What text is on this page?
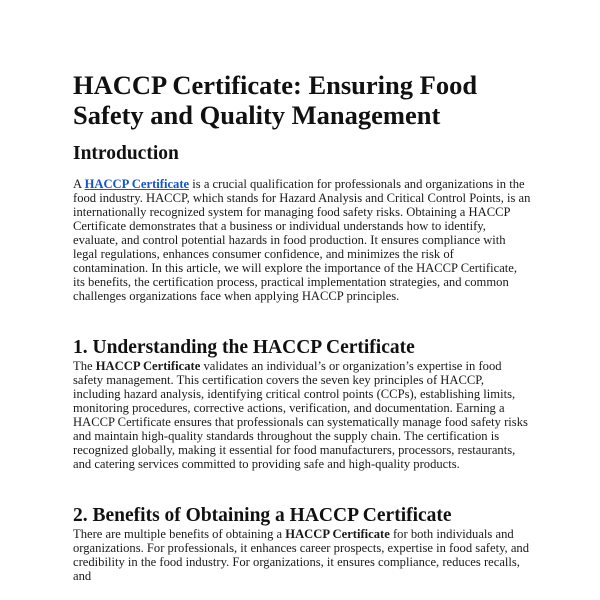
HACCP Certificate: Ensuring Food Safety and Quality Management
Introduction

A HACCP Certificate is a crucial qualification for professionals and organizations in the food industry. HACCP, which stands for Hazard Analysis and Critical Control Points, is an internationally recognized system for managing food safety risks. Obtaining a HACCP Certificate demonstrates that a business or individual understands how to identify, evaluate, and control potential hazards in food production. It ensures compliance with legal regulations, enhances consumer confidence, and minimizes the risk of contamination. In this article, we will explore the importance of the HACCP Certificate, its benefits, the certification process, practical implementation strategies, and common challenges organizations face when applying HACCP principles.

1. Understanding the HACCP Certificate

The HACCP Certificate validates an individual’s or organization’s expertise in food safety management. This certification covers the seven key principles of HACCP, including hazard analysis, identifying critical control points (CCPs), establishing limits, monitoring procedures, corrective actions, verification, and documentation. Earning a HACCP Certificate ensures that professionals can systematically manage food safety risks and maintain high-quality standards throughout the supply chain. The certification is recognized globally, making it essential for food manufacturers, processors, restaurants, and catering services committed to providing safe and high-quality products.

2. Benefits of Obtaining a HACCP Certificate

There are multiple benefits of obtaining a HACCP Certificate for both individuals and organizations. For professionals, it enhances career prospects, expertise in food safety, and credibility in the food industry. For organizations, it ensures compliance, reduces recalls, and
